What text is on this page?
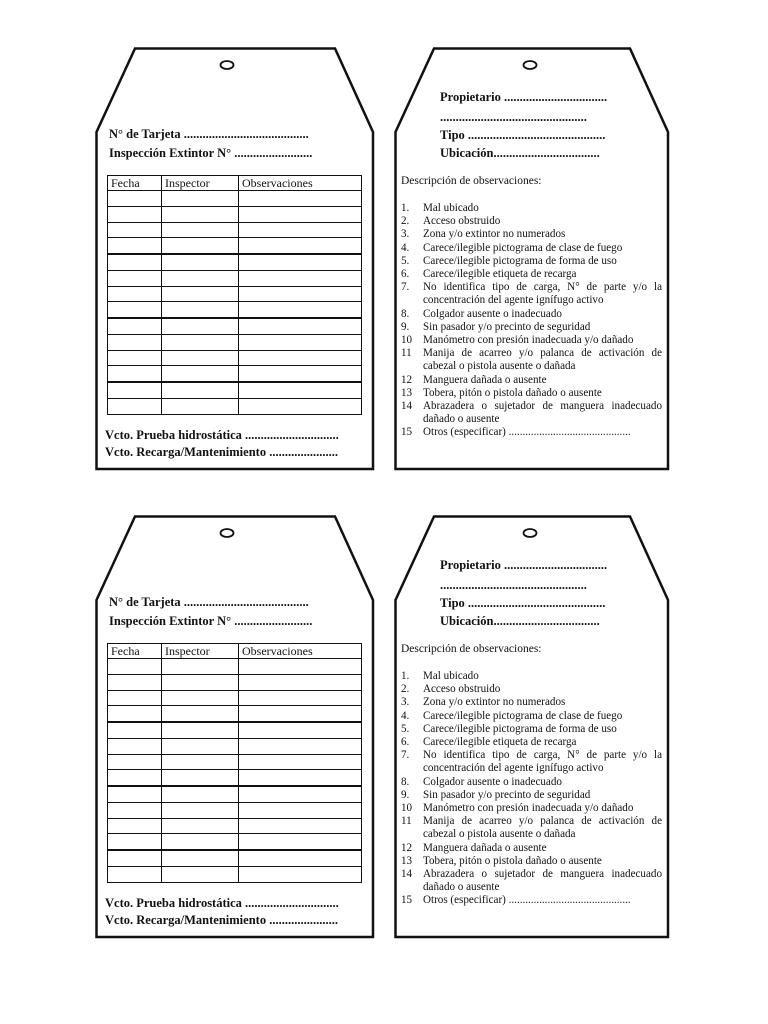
N° de Tarjeta ........................................
Inspección Extintor N° .........................
Fecha	Inspector	Observaciones

Vcto. Prueba hidrostática ..............................
Vcto. Recarga/Mantenimiento ......................
Propietario .................................
...............................................
Tipo ............................................
Ubicación..................................
Descripción de observaciones:
1.	Mal ubicado
2.	Acceso obstruido
3.	Zona y/o extintor no numerados
4.	Carece/ilegible pictograma de clase de fuego
5.	Carece/ilegible pictograma de forma de uso
6.	Carece/ilegible etiqueta de recarga
7.	No identifica tipo de carga, N° de parte y/o la concentración del agente ignífugo activo
8.	Colgador ausente o inadecuado
9.	Sin pasador y/o precinto de seguridad
10 Manómetro con presión inadecuada y/o dañado
11	Manija de acarreo y/o palanca de activación de cabezal o pistola ausente o dañada
12 Manguera dañada o ausente
13 Tobera, pitón o pistola dañado o ausente
14 Abrazadera o sujetador de manguera inadecuado dañado o ausente
15 Otros (especificar) ............................................
N° de Tarjeta ........................................
Inspección Extintor N° .........................
Fecha	Inspector	Observaciones

Vcto. Prueba hidrostática ..............................
Vcto. Recarga/Mantenimiento ......................
Propietario .................................
...............................................
Tipo ............................................
Ubicación..................................
Descripción de observaciones:
1.	Mal ubicado
2.	Acceso obstruido
3.	Zona y/o extintor no numerados
4.	Carece/ilegible pictograma de clase de fuego
5.	Carece/ilegible pictograma de forma de uso
6.	Carece/ilegible etiqueta de recarga
7.	No identifica tipo de carga, N° de parte y/o la concentración del agente ignífugo activo
8.	Colgador ausente o inadecuado
9.	Sin pasador y/o precinto de seguridad
10 Manómetro con presión inadecuada y/o dañado
11	Manija de acarreo y/o palanca de activación de cabezal o pistola ausente o dañada
12 Manguera dañada o ausente
13 Tobera, pitón o pistola dañado o ausente
14 Abrazadera o sujetador de manguera inadecuado dañado o ausente
15 Otros (especificar) ............................................
